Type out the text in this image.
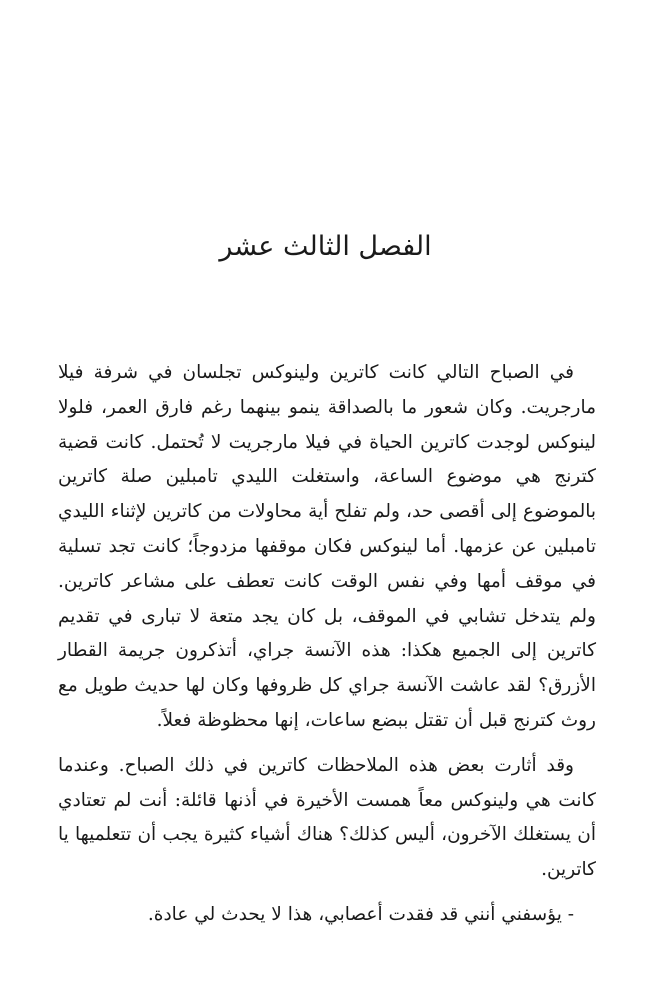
الفصل الثالث عشر

في الصباح التالي كانت كاترين ولينوكس تجلسان في شرفة فيلا مارجريت. وكان شعور ما بالصداقة ينمو بينهما رغم فارق العمر، فلولا لينوكس لوجدت كاترين الحياة في فيلا مارجريت لا تُحتمل. كانت قضية كترنج هي موضوع الساعة، واستغلت الليدي تامبلين صلة كاترين بالموضوع إلى أقصى حد، ولم تفلح أية محاولات من كاترين لإثناء الليدي تامبلين عن عزمها. أما لينوكس فكان موقفها مزدوجاً؛ كانت تجد تسلية في موقف أمها وفي نفس الوقت كانت تعطف على مشاعر كاترين. ولم يتدخل تشابي في الموقف، بل كان يجد متعة لا تبارى في تقديم كاترين إلى الجميع هكذا: هذه الآنسة جراي، أتذكرون جريمة القطار الأزرق؟ لقد عاشت الآنسة جراي كل ظروفها وكان لها حديث طويل مع روث كترنج قبل أن تقتل ببضع ساعات، إنها محظوظة فعلاً.

وقد أثارت بعض هذه الملاحظات كاترين في ذلك الصباح. وعندما كانت هي ولينوكس معاً همست الأخيرة في أذنها قائلة: أنت لم تعتادي أن يستغلك الآخرون، أليس كذلك؟ هناك أشياء كثيرة يجب أن تتعلميها يا كاترين.

- يؤسفني أنني قد فقدت أعصابي، هذا لا يحدث لي عادة.
